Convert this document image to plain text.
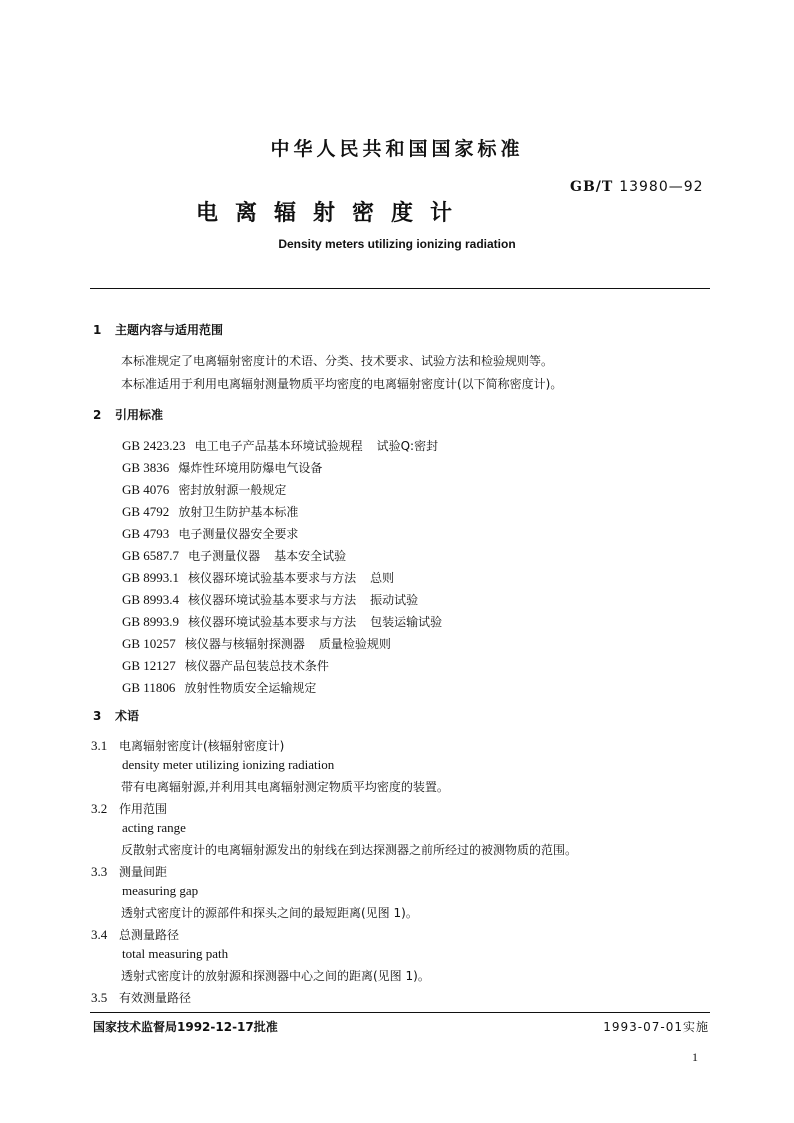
中华人民共和国国家标准
GB/T 13980—92
电离辐射密度计
Density meters utilizing ionizing radiation
1 主题内容与适用范围
本标准规定了电离辐射密度计的术语、分类、技术要求、试验方法和检验规则等。
本标准适用于利用电离辐射测量物质平均密度的电离辐射密度计(以下简称密度计)。
2 引用标准
GB 2423.23 电工电子产品基本环境试验规程 试验Q:密封
GB 3836 爆炸性环境用防爆电气设备
GB 4076 密封放射源一般规定
GB 4792 放射卫生防护基本标准
GB 4793 电子测量仪器安全要求
GB 6587.7 电子测量仪器 基本安全试验
GB 8993.1 核仪器环境试验基本要求与方法 总则
GB 8993.4 核仪器环境试验基本要求与方法 振动试验
GB 8993.9 核仪器环境试验基本要求与方法 包装运输试验
GB 10257 核仪器与核辐射探测器 质量检验规则
GB 12127 核仪器产品包装总技术条件
GB 11806 放射性物质安全运输规定
3 术语
3.1 电离辐射密度计(核辐射密度计)
density meter utilizing ionizing radiation
带有电离辐射源,并利用其电离辐射测定物质平均密度的装置。
3.2 作用范围
acting range
反散射式密度计的电离辐射源发出的射线在到达探测器之前所经过的被测物质的范围。
3.3 测量间距
measuring gap
透射式密度计的源部件和探头之间的最短距离(见图 1)。
3.4 总测量路径
total measuring path
透射式密度计的放射源和探测器中心之间的距离(见图 1)。
3.5 有效测量路径
国家技术监督局1992-12-17批准	1993-07-01实施
1
